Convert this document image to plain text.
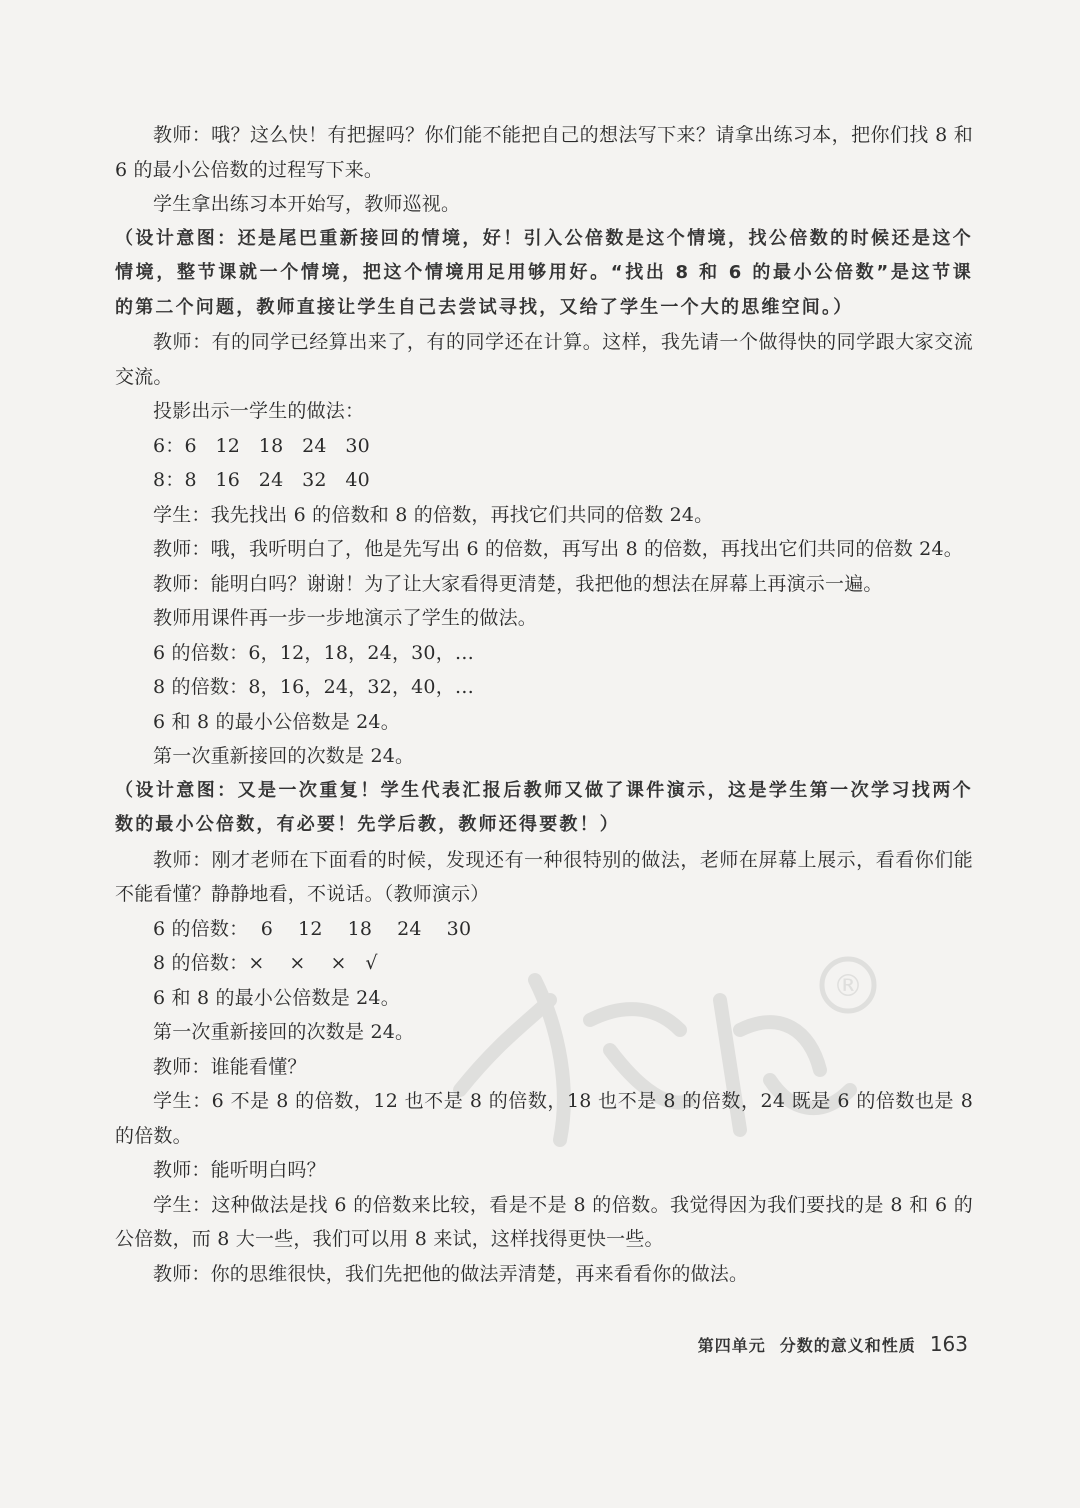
®

教师：哦？这么快！有把握吗？你们能不能把自己的想法写下来？请拿出练习本，把你们找 8 和 6 的最小公倍数的过程写下来。

学生拿出练习本开始写，教师巡视。

（设计意图：还是尾巴重新接回的情境，好！引入公倍数是这个情境，找公倍数的时候还是这个情境，整节课就一个情境，把这个情境用足用够用好。“找出 8 和 6 的最小公倍数”是这节课的第二个问题，教师直接让学生自己去尝试寻找，又给了学生一个大的思维空间。）

教师：有的同学已经算出来了，有的同学还在计算。这样，我先请一个做得快的同学跟大家交流交流。

投影出示一学生的做法：

6：6   12   18   24   30

8：8   16   24   32   40

学生：我先找出 6 的倍数和 8 的倍数，再找它们共同的倍数 24。

教师：哦，我听明白了，他是先写出 6 的倍数，再写出 8 的倍数，再找出它们共同的倍数 24。

教师：能明白吗？谢谢！为了让大家看得更清楚，我把他的想法在屏幕上再演示一遍。

教师用课件再一步一步地演示了学生的做法。

6 的倍数：6，12，18，24，30，…

8 的倍数：8，16，24，32，40，…

6 和 8 的最小公倍数是 24。

第一次重新接回的次数是 24。

（设计意图：又是一次重复！学生代表汇报后教师又做了课件演示，这是学生第一次学习找两个数的最小公倍数，有必要！先学后教，教师还得要教！）

教师：刚才老师在下面看的时候，发现还有一种很特别的做法，老师在屏幕上展示，看看你们能不能看懂？静静地看，不说话。（教师演示）

6 的倍数：  6    12    18    24    30

8 的倍数：×    ×    ×   √

6 和 8 的最小公倍数是 24。

第一次重新接回的次数是 24。

教师：谁能看懂？

学生：6 不是 8 的倍数，12 也不是 8 的倍数，18 也不是 8 的倍数，24 既是 6 的倍数也是 8 的倍数。

教师：能听明白吗？

学生：这种做法是找 6 的倍数来比较，看是不是 8 的倍数。我觉得因为我们要找的是 8 和 6 的公倍数，而 8 大一些，我们可以用 8 来试，这样找得更快一些。

教师：你的思维很快，我们先把他的做法弄清楚，再来看看你的做法。

第四单元 分数的意义和性质 163
